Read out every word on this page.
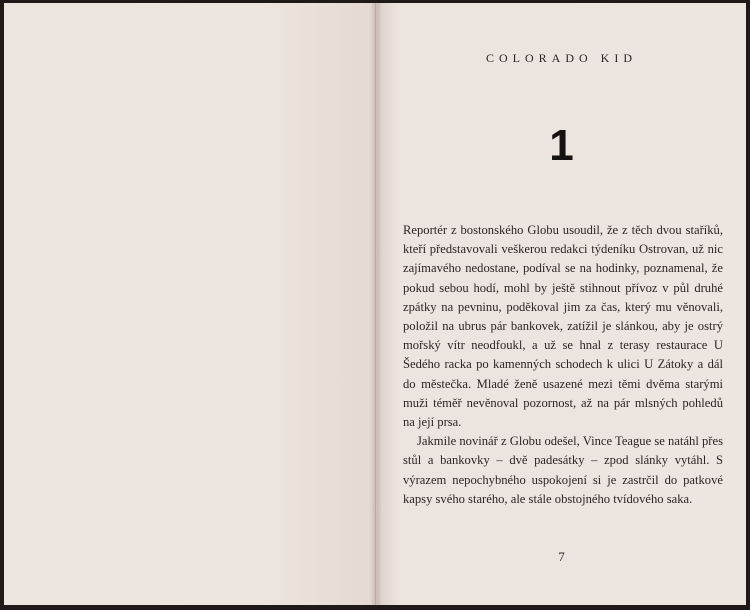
COLORADO KID
1

Reportér z bostonského Globu usoudil, že z těch dvou staříků, kteří představovali veškerou redakci týdeníku Ostrovan, už nic zajímavého nedostane, podíval se na hodinky, poznamenal, že pokud sebou hodí, mohl by ještě stihnout přívoz v půl druhé zpátky na pevninu, poděkoval jim za čas, který mu věnovali, položil na ubrus pár bankovek, zatížil je slánkou, aby je ostrý mořský vítr neodfoukl, a už se hnal z terasy restaurace U Šedého racka po kamenných schodech k ulici U Zátoky a dál do městečka. Mladé ženě usazené mezi těmi dvěma starými muži téměř nevěnoval pozornost, až na pár mlsných pohledů na její prsa.

Jakmile novinář z Globu odešel, Vince Teague se natáhl přes stůl a bankovky – dvě padesátky – zpod slánky vytáhl. S výrazem nepochybného uspokojení si je zastrčil do patkové kapsy svého starého, ale stále obstojného tvídového saka.

7
